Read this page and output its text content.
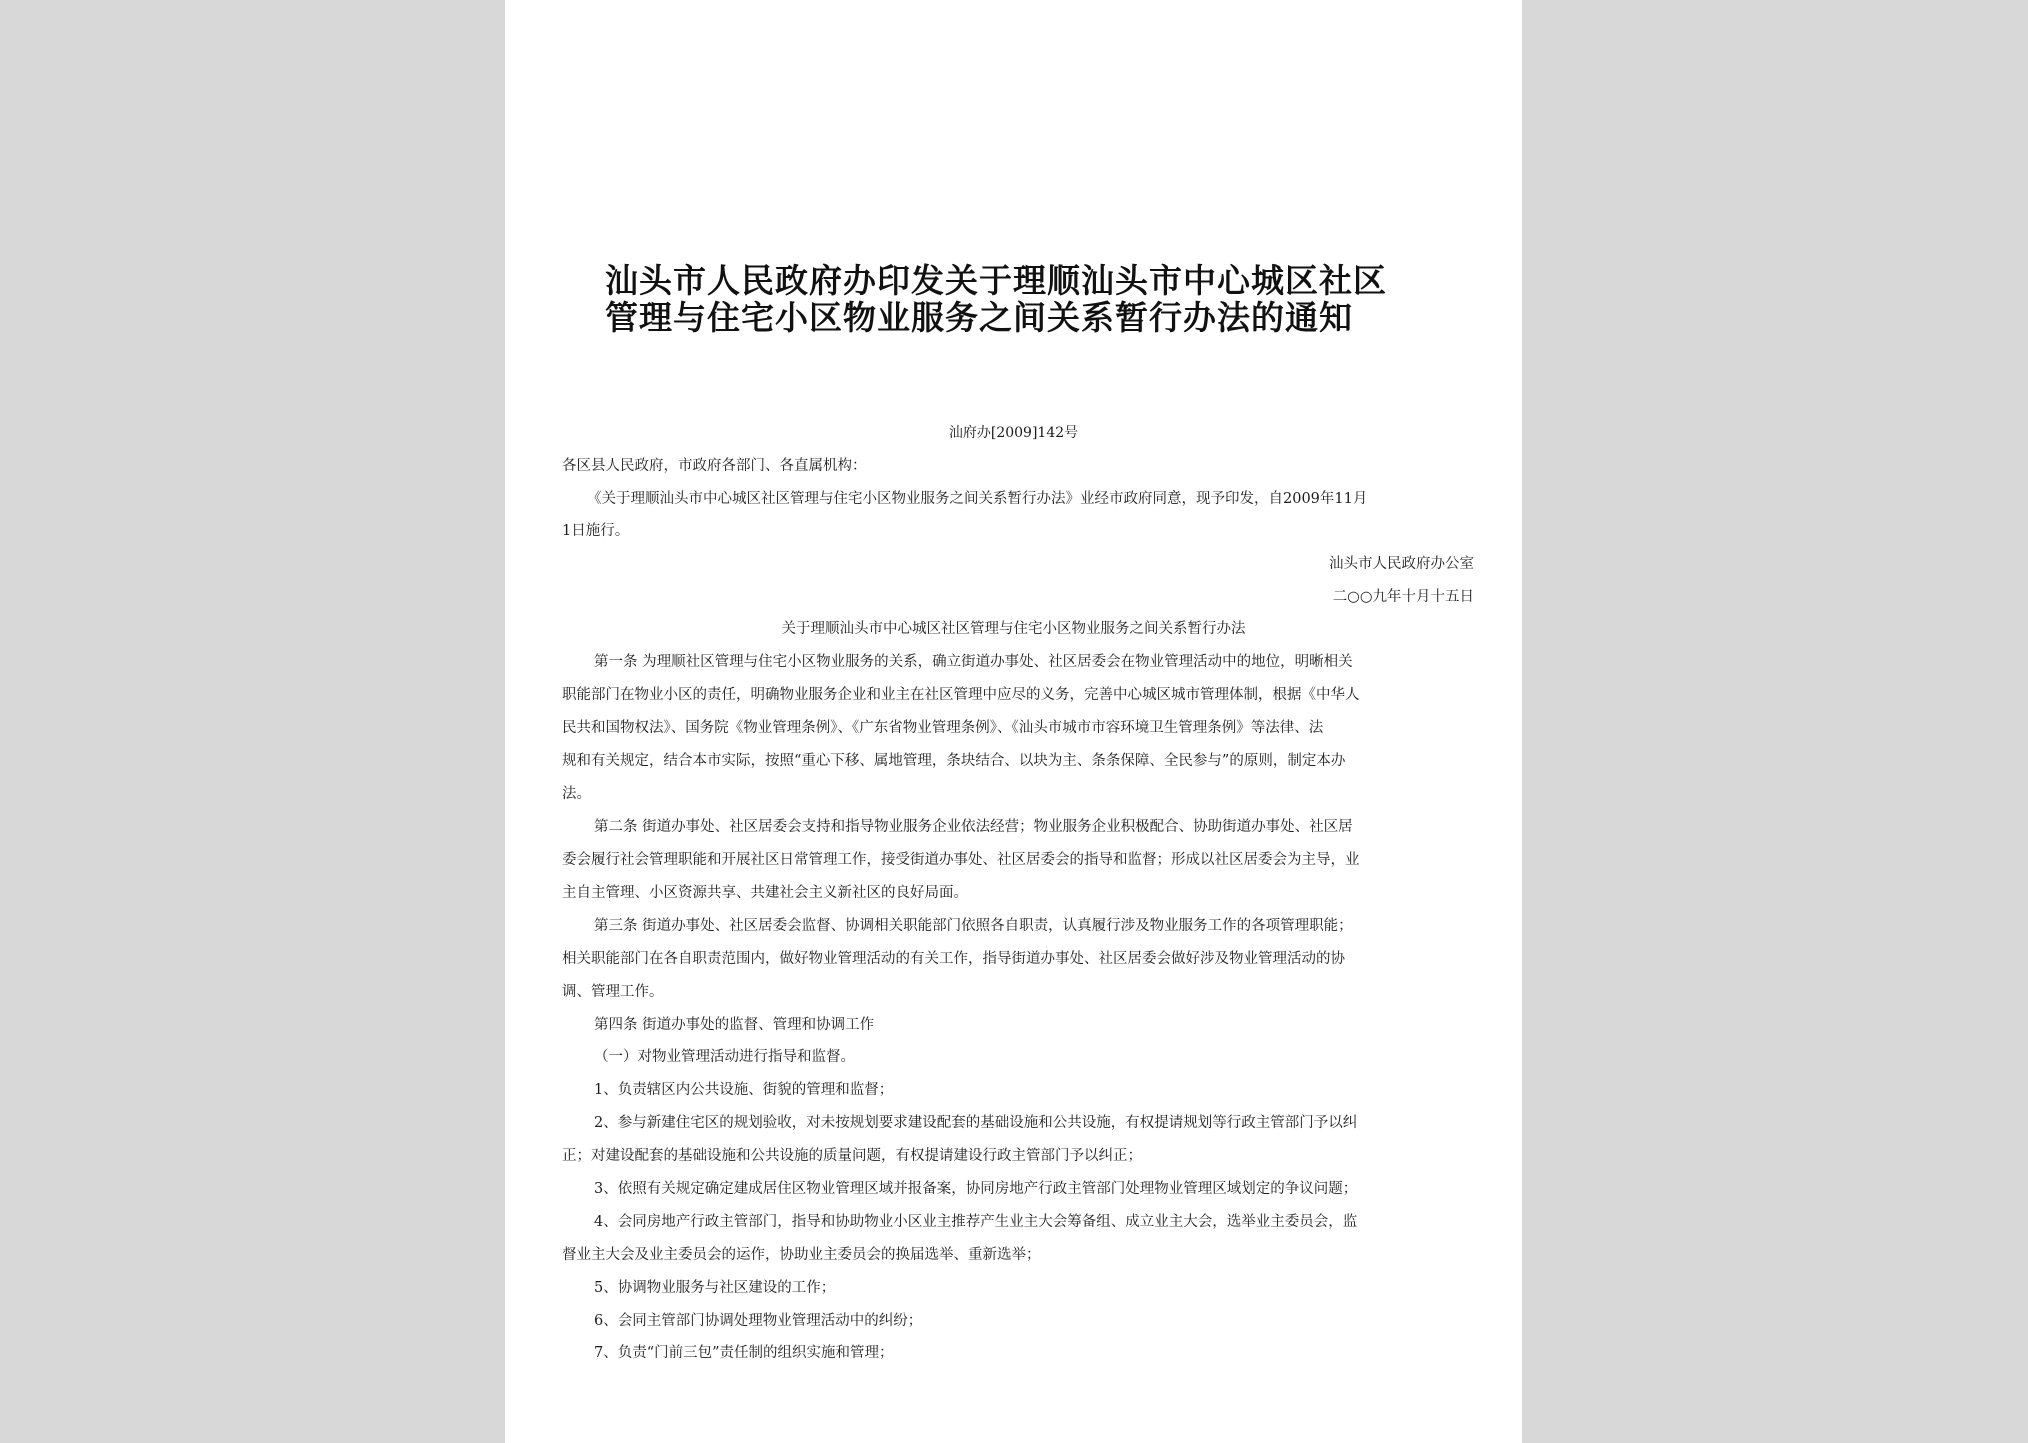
汕头市人民政府办印发关于理顺汕头市中心城区社区
管理与住宅小区物业服务之间关系暂行办法的通知
汕府办[2009]142号
各区县人民政府，市政府各部门、各直属机构：
《关于理顺汕头市中心城区社区管理与住宅小区物业服务之间关系暂行办法》业经市政府同意，现予印发，自2009年11月
1日施行。
汕头市人民政府办公室
二○○九年十月十五日
关于理顺汕头市中心城区社区管理与住宅小区物业服务之间关系暂行办法
第一条 为理顺社区管理与住宅小区物业服务的关系，确立街道办事处、社区居委会在物业管理活动中的地位，明晰相关
职能部门在物业小区的责任，明确物业服务企业和业主在社区管理中应尽的义务，完善中心城区城市管理体制，根据《中华人
民共和国物权法》、国务院《物业管理条例》、《广东省物业管理条例》、《汕头市城市市容环境卫生管理条例》等法律、法
规和有关规定，结合本市实际，按照“重心下移、属地管理，条块结合、以块为主、条条保障、全民参与”的原则，制定本办
法。
第二条 街道办事处、社区居委会支持和指导物业服务企业依法经营；物业服务企业积极配合、协助街道办事处、社区居
委会履行社会管理职能和开展社区日常管理工作，接受街道办事处、社区居委会的指导和监督；形成以社区居委会为主导，业
主自主管理、小区资源共享、共建社会主义新社区的良好局面。
第三条 街道办事处、社区居委会监督、协调相关职能部门依照各自职责，认真履行涉及物业服务工作的各项管理职能；
相关职能部门在各自职责范围内，做好物业管理活动的有关工作，指导街道办事处、社区居委会做好涉及物业管理活动的协
调、管理工作。
第四条 街道办事处的监督、管理和协调工作
（一）对物业管理活动进行指导和监督。
1、负责辖区内公共设施、街貌的管理和监督；
2、参与新建住宅区的规划验收，对未按规划要求建设配套的基础设施和公共设施，有权提请规划等行政主管部门予以纠
正；对建设配套的基础设施和公共设施的质量问题，有权提请建设行政主管部门予以纠正；
3、依照有关规定确定建成居住区物业管理区域并报备案，协同房地产行政主管部门处理物业管理区域划定的争议问题；
4、会同房地产行政主管部门，指导和协助物业小区业主推荐产生业主大会筹备组、成立业主大会，选举业主委员会，监
督业主大会及业主委员会的运作，协助业主委员会的换届选举、重新选举；
5、协调物业服务与社区建设的工作；
6、会同主管部门协调处理物业管理活动中的纠纷；
7、负责“门前三包”责任制的组织实施和管理；
